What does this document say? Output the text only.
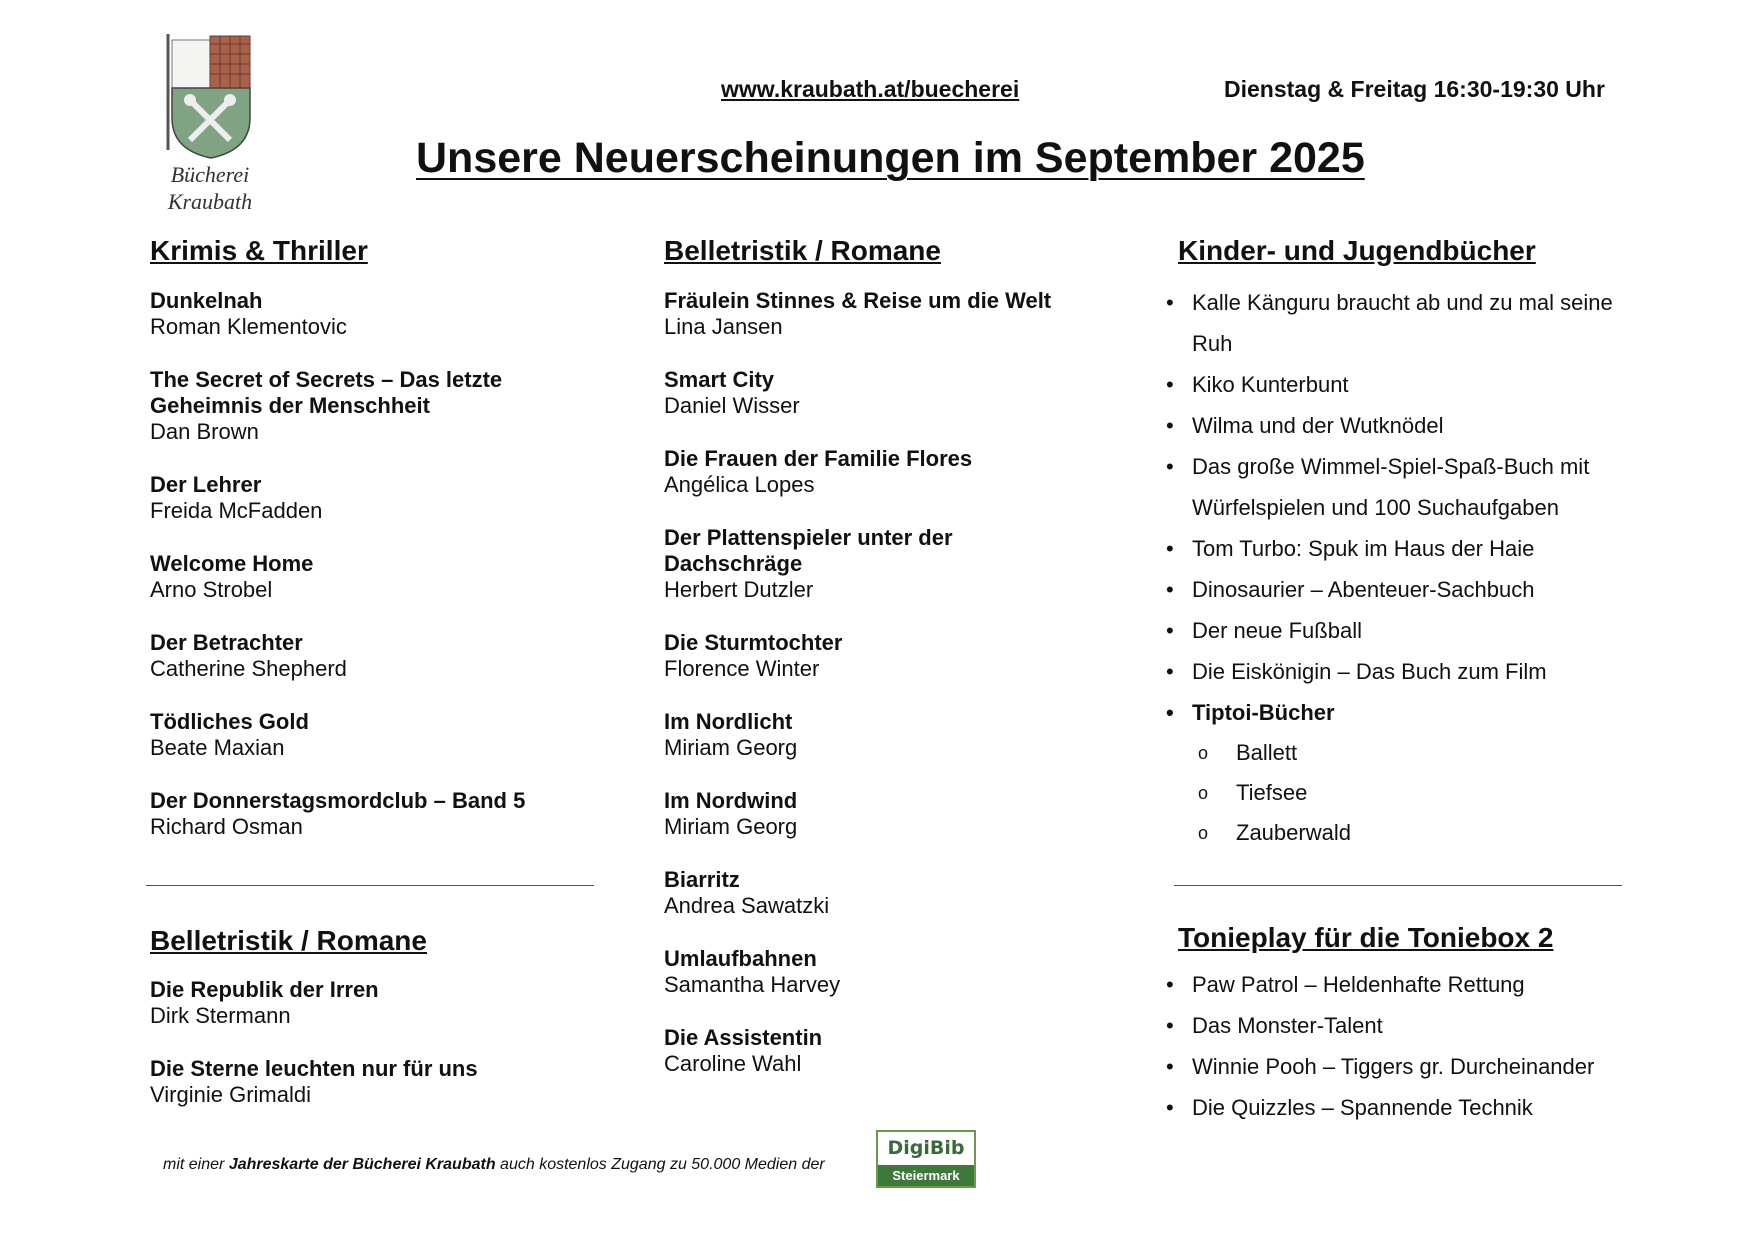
Bücherei
Kraubath
www.kraubath.at/buecherei	Dienstag & Freitag 16:30-19:30 Uhr
Unsere Neuerscheinungen im September 2025
Krimis & Thriller
Dunkelnah
Roman Klementovic
The Secret of Secrets – Das letzte Geheimnis der Menschheit
Dan Brown
Der Lehrer
Freida McFadden
Welcome Home
Arno Strobel
Der Betrachter
Catherine Shepherd
Tödliches Gold
Beate Maxian
Der Donnerstagsmordclub – Band 5
Richard Osman
Belletristik / Romane
Die Republik der Irren
Dirk Stermann
Die Sterne leuchten nur für uns
Virginie Grimaldi
Belletristik / Romane
Fräulein Stinnes & Reise um die Welt
Lina Jansen
Smart City
Daniel Wisser
Die Frauen der Familie Flores
Angélica Lopes
Der Plattenspieler unter der Dachschräge
Herbert Dutzler
Die Sturmtochter
Florence Winter
Im Nordlicht
Miriam Georg
Im Nordwind
Miriam Georg
Biarritz
Andrea Sawatzki
Umlaufbahnen
Samantha Harvey
Die Assistentin
Caroline Wahl
Kinder- und Jugendbücher
• Kalle Känguru braucht ab und zu mal seine Ruh
• Kiko Kunterbunt
• Wilma und der Wutknödel
• Das große Wimmel-Spiel-Spaß-Buch mit Würfelspielen und 100 Suchaufgaben
• Tom Turbo: Spuk im Haus der Haie
• Dinosaurier – Abenteuer-Sachbuch
• Der neue Fußball
• Die Eiskönigin – Das Buch zum Film
• Tiptoi-Bücher
o Ballett
o Tiefsee
o Zauberwald
Tonieplay für die Toniebox 2
• Paw Patrol – Heldenhafte Rettung
• Das Monster-Talent
• Winnie Pooh – Tiggers gr. Durcheinander
• Die Quizzles – Spannende Technik
mit einer Jahreskarte der Bücherei Kraubath auch kostenlos Zugang zu 50.000 Medien der
DigiBib
Steiermark
